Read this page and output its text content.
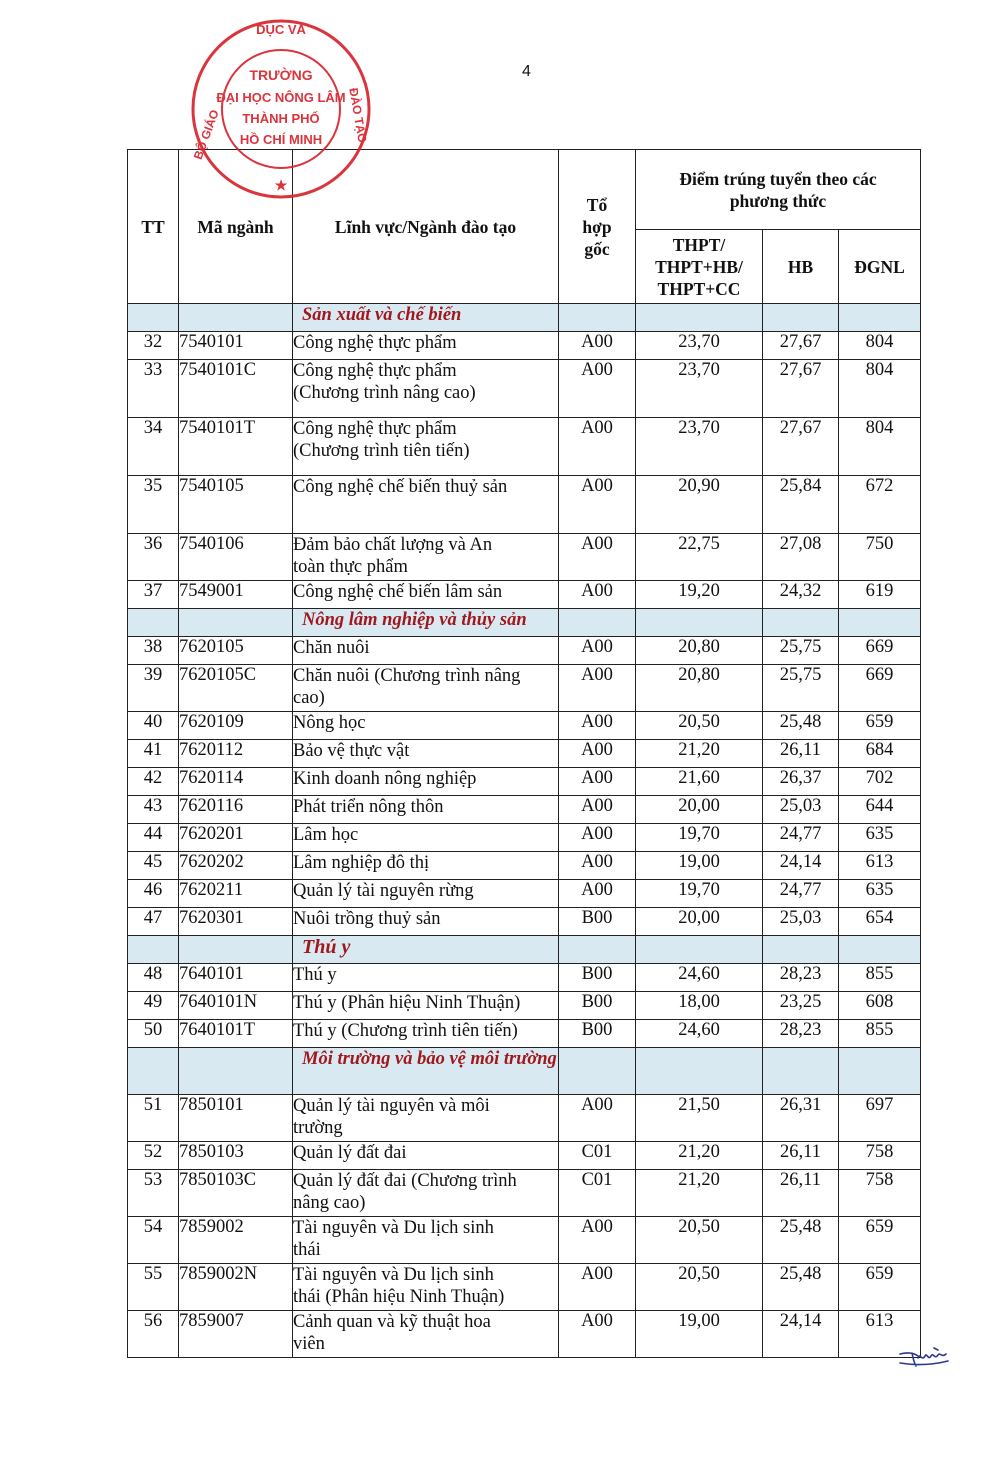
4
DỤC VÀ
TRƯỜNG
ĐẠI HỌC NÔNG LÂM
THÀNH PHỐ
HỒ CHÍ MINH
BỘ GIÁO	ĐÀO TẠO
★
TT	Mã ngành	Lĩnh vực/Ngành đào tạo	Tổ
hợp
gốc	Điểm trúng tuyển theo các
phương thức		
				THPT/
THPT+HB/
THPT+CC	HB	ĐGNL
		Sản xuất và chế biến				
32	7540101	Công nghệ thực phẩm	A00	23,70	27,67	804
33	7540101C	Công nghệ thực phẩm
(Chương trình nâng cao)	A00	23,70	27,67	804
34	7540101T	Công nghệ thực phẩm
(Chương trình tiên tiến)	A00	23,70	27,67	804
35	7540105	Công nghệ chế biến thuỷ sản	A00	20,90	25,84	672
36	7540106	Đảm bảo chất lượng và An
toàn thực phẩm	A00	22,75	27,08	750
37	7549001	Công nghệ chế biến lâm sản	A00	19,20	24,32	619
		Nông lâm nghiệp và thủy sản				
38	7620105	Chăn nuôi	A00	20,80	25,75	669
39	7620105C	Chăn nuôi (Chương trình nâng
cao)	A00	20,80	25,75	669
40	7620109	Nông học	A00	20,50	25,48	659
41	7620112	Bảo vệ thực vật	A00	21,20	26,11	684
42	7620114	Kinh doanh nông nghiệp	A00	21,60	26,37	702
43	7620116	Phát triển nông thôn	A00	20,00	25,03	644
44	7620201	Lâm học	A00	19,70	24,77	635
45	7620202	Lâm nghiệp đô thị	A00	19,00	24,14	613
46	7620211	Quản lý tài nguyên rừng	A00	19,70	24,77	635
47	7620301	Nuôi trồng thuỷ sản	B00	20,00	25,03	654
		Thú y				
48	7640101	Thú y	B00	24,60	28,23	855
49	7640101N	Thú y (Phân hiệu Ninh Thuận)	B00	18,00	23,25	608
50	7640101T	Thú y (Chương trình tiên tiến)	B00	24,60	28,23	855
		Môi trường và bảo vệ môi trường				
51	7850101	Quản lý tài nguyên và môi
trường	A00	21,50	26,31	697
52	7850103	Quản lý đất đai	C01	21,20	26,11	758
53	7850103C	Quản lý đất đai (Chương trình
nâng cao)	C01	21,20	26,11	758
54	7859002	Tài nguyên và Du lịch sinh
thái	A00	20,50	25,48	659
55	7859002N	Tài nguyên và Du lịch sinh
thái (Phân hiệu Ninh Thuận)	A00	20,50	25,48	659
56	7859007	Cảnh quan và kỹ thuật hoa
viên	A00	19,00	24,14	613
